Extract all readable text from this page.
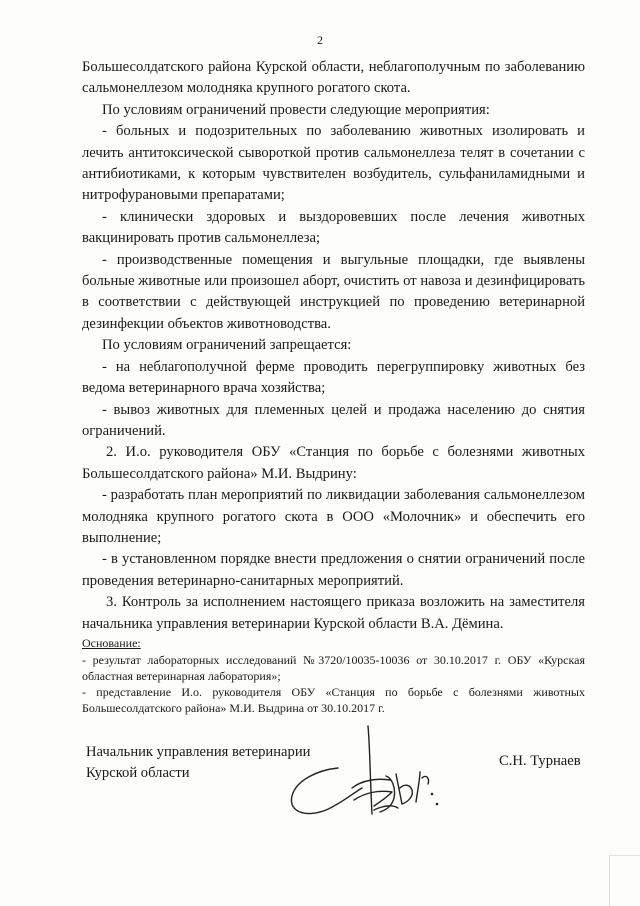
2

Большесолдатского района Курской области, неблагополучным по заболеванию сальмонеллезом молодняка крупного рогатого скота.

По условиям ограничений провести следующие мероприятия:

- больных и подозрительных по заболеванию животных изолировать и лечить антитоксической сывороткой против сальмонеллеза телят в сочетании с антибиотиками, к которым чувствителен возбудитель, сульфаниламидными и нитрофурановыми препаратами;

- клинически здоровых и выздоровевших после лечения животных вакцинировать против сальмонеллеза;

- производственные помещения и выгульные площадки, где выявлены больные животные или произошел аборт, очистить от навоза и дезинфицировать в соответствии с действующей инструкцией по проведению ветеринарной дезинфекции объектов животноводства.

По условиям ограничений запрещается:

- на неблагополучной ферме проводить перегруппировку животных без ведома ветеринарного врача хозяйства;

- вывоз животных для племенных целей и продажа населению до снятия ограничений.

2. И.о. руководителя ОБУ «Станция по борьбе с болезнями животных Большесолдатского района» М.И. Выдрину:

- разработать план мероприятий по ликвидации заболевания сальмонеллезом молодняка крупного рогатого скота в ООО «Молочник» и обеспечить его выполнение;

- в установленном порядке внести предложения о снятии ограничений после проведения ветеринарно-санитарных мероприятий.

3. Контроль за исполнением настоящего приказа возложить на заместителя начальника управления ветеринарии Курской области В.А. Дёмина.

Основание:

- результат лабораторных исследований №3720/10035-10036 от 30.10.2017 г. ОБУ «Курская областная ветеринарная лаборатория»;

- представление И.о. руководителя ОБУ «Станция по борьбе с болезнями животных Большесолдатского района» М.И. Выдрина от 30.10.2017 г.

Начальник управления ветеринарии
Курской области
С.Н. Турнаев
